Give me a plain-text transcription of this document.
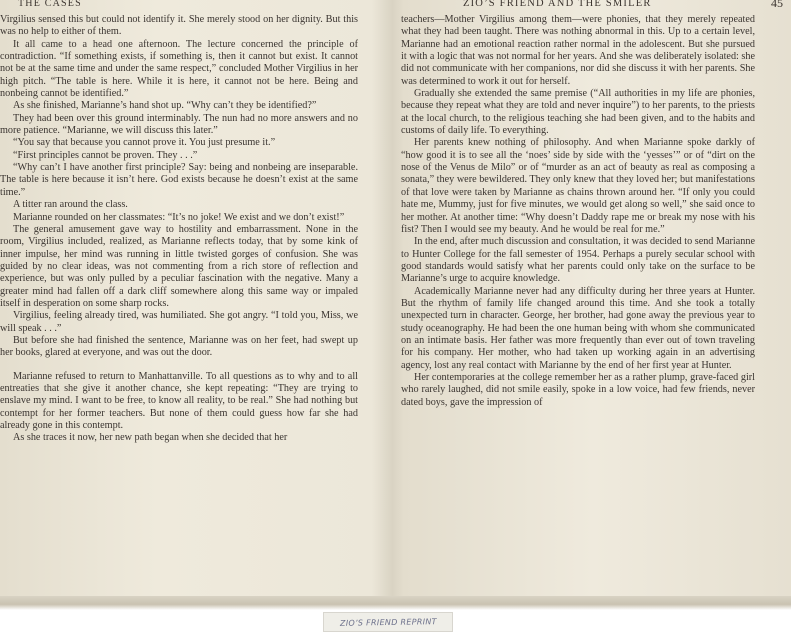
THE CASES

Virgilius sensed this but could not identify it. She merely stood on her dignity. But this was no help to either of them.

It all came to a head one afternoon. The lecture concerned the principle of contradiction. “If something exists, if something is, then it cannot but exist. It cannot not be at the same time and under the same respect,” concluded Mother Virgilius in her high pitch. “The table is here. While it is here, it cannot not be here. Being and nonbeing cannot be identified.”

As she finished, Marianne’s hand shot up. “Why can’t they be identified?”

They had been over this ground interminably. The nun had no more answers and no more patience. “Marianne, we will discuss this later.”

“You say that because you cannot prove it. You just presume it.”

“First principles cannot be proven. They . . .”

“Why can’t I have another first principle? Say: being and nonbeing are inseparable. The table is here because it isn’t here. God exists because he doesn’t exist at the same time.”

A titter ran around the class.

Marianne rounded on her classmates: “It’s no joke! We exist and we don’t exist!”

The general amusement gave way to hostility and embarrassment. None in the room, Virgilius included, realized, as Marianne reflects today, that by some kink of inner impulse, her mind was running in little twisted gorges of confusion. She was guided by no clear ideas, was not commenting from a rich store of reflection and experience, but was only pulled by a peculiar fascination with the negative. Many a greater mind had fallen off a dark cliff somewhere along this same way or impaled itself in desperation on some sharp rocks.

Virgilius, feeling already tired, was humiliated. She got angry. “I told you, Miss, we will speak . . .”

But before she had finished the sentence, Marianne was on her feet, had swept up her books, glared at everyone, and was out the door.

Marianne refused to return to Manhattanville. To all questions as to why and to all entreaties that she give it another chance, she kept repeating: “They are trying to enslave my mind. I want to be free, to know all reality, to be real.” She had nothing but contempt for her former teachers. But none of them could guess how far she had already gone in this contempt.

As she traces it now, her new path began when she decided that her

ZIO’S FRIEND AND THE SMILER	45

teachers—Mother Virgilius among them—were phonies, that they merely repeated what they had been taught. There was nothing abnormal in this. Up to a certain level, Marianne had an emotional reaction rather normal in the adolescent. But she pursued it with a logic that was not normal for her years. And she was deliberately isolated: she did not communicate with her companions, nor did she discuss it with her parents. She was determined to work it out for herself.

Gradually she extended the same premise (“All authorities in my life are phonies, because they repeat what they are told and never inquire”) to her parents, to the priests at the local church, to the religious teaching she had been given, and to the habits and customs of daily life. To everything.

Her parents knew nothing of philosophy. And when Marianne spoke darkly of “how good it is to see all the ‘noes’ side by side with the ‘yesses’” or of “dirt on the nose of the Venus de Milo” or of “murder as an act of beauty as real as composing a sonata,” they were bewildered. They only knew that they loved her; but manifestations of that love were taken by Marianne as chains thrown around her. “If only you could hate me, Mummy, just for five minutes, we would get along so well,” she said once to her mother. At another time: “Why doesn’t Daddy rape me or break my nose with his fist? Then I would see my beauty. And he would be real for me.”

In the end, after much discussion and consultation, it was decided to send Marianne to Hunter College for the fall semester of 1954. Perhaps a purely secular school with good standards would satisfy what her parents could only take on the surface to be Marianne’s urge to acquire knowledge.

Academically Marianne never had any difficulty during her three years at Hunter. But the rhythm of family life changed around this time. And she took a totally unexpected turn in character. George, her brother, had gone away the previous year to study oceanography. He had been the one human being with whom she communicated on an intimate basis. Her father was more frequently than ever out of town traveling for his company. Her mother, who had taken up working again in an advertising agency, lost any real contact with Marianne by the end of her first year at Hunter.

Her contemporaries at the college remember her as a rather plump, grave-faced girl who rarely laughed, did not smile easily, spoke in a low voice, had few friends, never dated boys, gave the impression of

ZIO’S FRIEND REPRINT
